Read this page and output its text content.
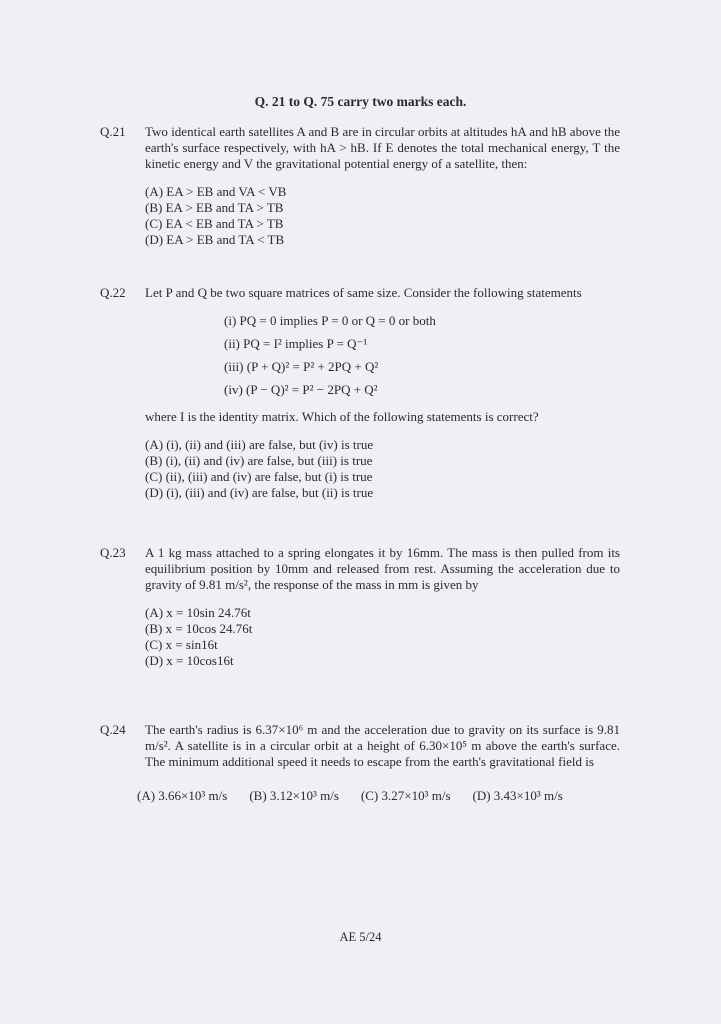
Q. 21 to Q. 75 carry two marks each.
Q.21	Two identical earth satellites A and B are in circular orbits at altitudes hA and hB above the earth's surface respectively, with hA > hB. If E denotes the total mechanical energy, T the kinetic energy and V the gravitational potential energy of a satellite, then:
(A) EA > EB and VA < VB
(B) EA > EB and TA > TB
(C) EA < EB and TA > TB
(D) EA > EB and TA < TB
Q.22	Let P and Q be two square matrices of same size. Consider the following statements
(i) PQ = 0 implies P = 0 or Q = 0 or both
(ii) PQ = I² implies P = Q⁻¹
(iii) (P + Q)² = P² + 2PQ + Q²
(iv) (P − Q)² = P² − 2PQ + Q²
where I is the identity matrix. Which of the following statements is correct?
(A) (i), (ii) and (iii) are false, but (iv) is true
(B) (i), (ii) and (iv) are false, but (iii) is true
(C) (ii), (iii) and (iv) are false, but (i) is true
(D) (i), (iii) and (iv) are false, but (ii) is true
Q.23	A 1 kg mass attached to a spring elongates it by 16mm. The mass is then pulled from its equilibrium position by 10mm and released from rest. Assuming the acceleration due to gravity of 9.81 m/s², the response of the mass in mm is given by
(A) x = 10sin 24.76t
(B) x = 10cos 24.76t
(C) x = sin16t
(D) x = 10cos16t
Q.24	The earth's radius is 6.37×10⁶ m and the acceleration due to gravity on its surface is 9.81 m/s². A satellite is in a circular orbit at a height of 6.30×10⁵ m above the earth's surface. The minimum additional speed it needs to escape from the earth's gravitational field is
(A) 3.66×10³ m/s (B) 3.12×10³ m/s (C) 3.27×10³ m/s (D) 3.43×10³ m/s
AE 5/24
